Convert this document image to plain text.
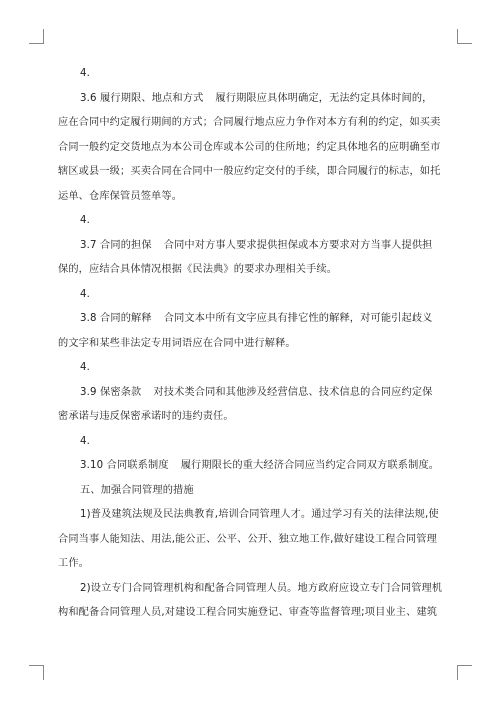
4.
3.6 履行期限、地点和方式 履行期限应具体明确定，无法约定具体时间的，
应在合同中约定履行期间的方式；合同履行地点应力争作对本方有利的约定，如买卖
合同一般约定交货地点为本公司仓库或本公司的住所地；约定具体地名的应明确至市
辖区或县一级；买卖合同在合同中一般应约定交付的手续，即合同履行的标志，如托
运单、仓库保管员签单等。
4.
3.7 合同的担保 合同中对方事人要求提供担保或本方要求对方当事人提供担
保的，应结合具体情况根据《民法典》的要求办理相关手续。
4.
3.8 合同的解释 合同文本中所有文字应具有排它性的解释，对可能引起歧义
的文字和某些非法定专用词语应在合同中进行解释。
4.
3.9 保密条款 对技术类合同和其他涉及经营信息、技术信息的合同应约定保
密承诺与违反保密承诺时的违约责任。
4.
3.10 合同联系制度 履行期限长的重大经济合同应当约定合同双方联系制度。
五、加强合同管理的措施
1)普及建筑法规及民法典教育,培训合同管理人才。通过学习有关的法律法规,使
合同当事人能知法、用法,能公正、公平、公开、独立地工作,做好建设工程合同管理
工作。
2)设立专门合同管理机构和配备合同管理人员。地方政府应设立专门合同管理机
构和配备合同管理人员,对建设工程合同实施登记、审查等监督管理;项目业主、建筑
